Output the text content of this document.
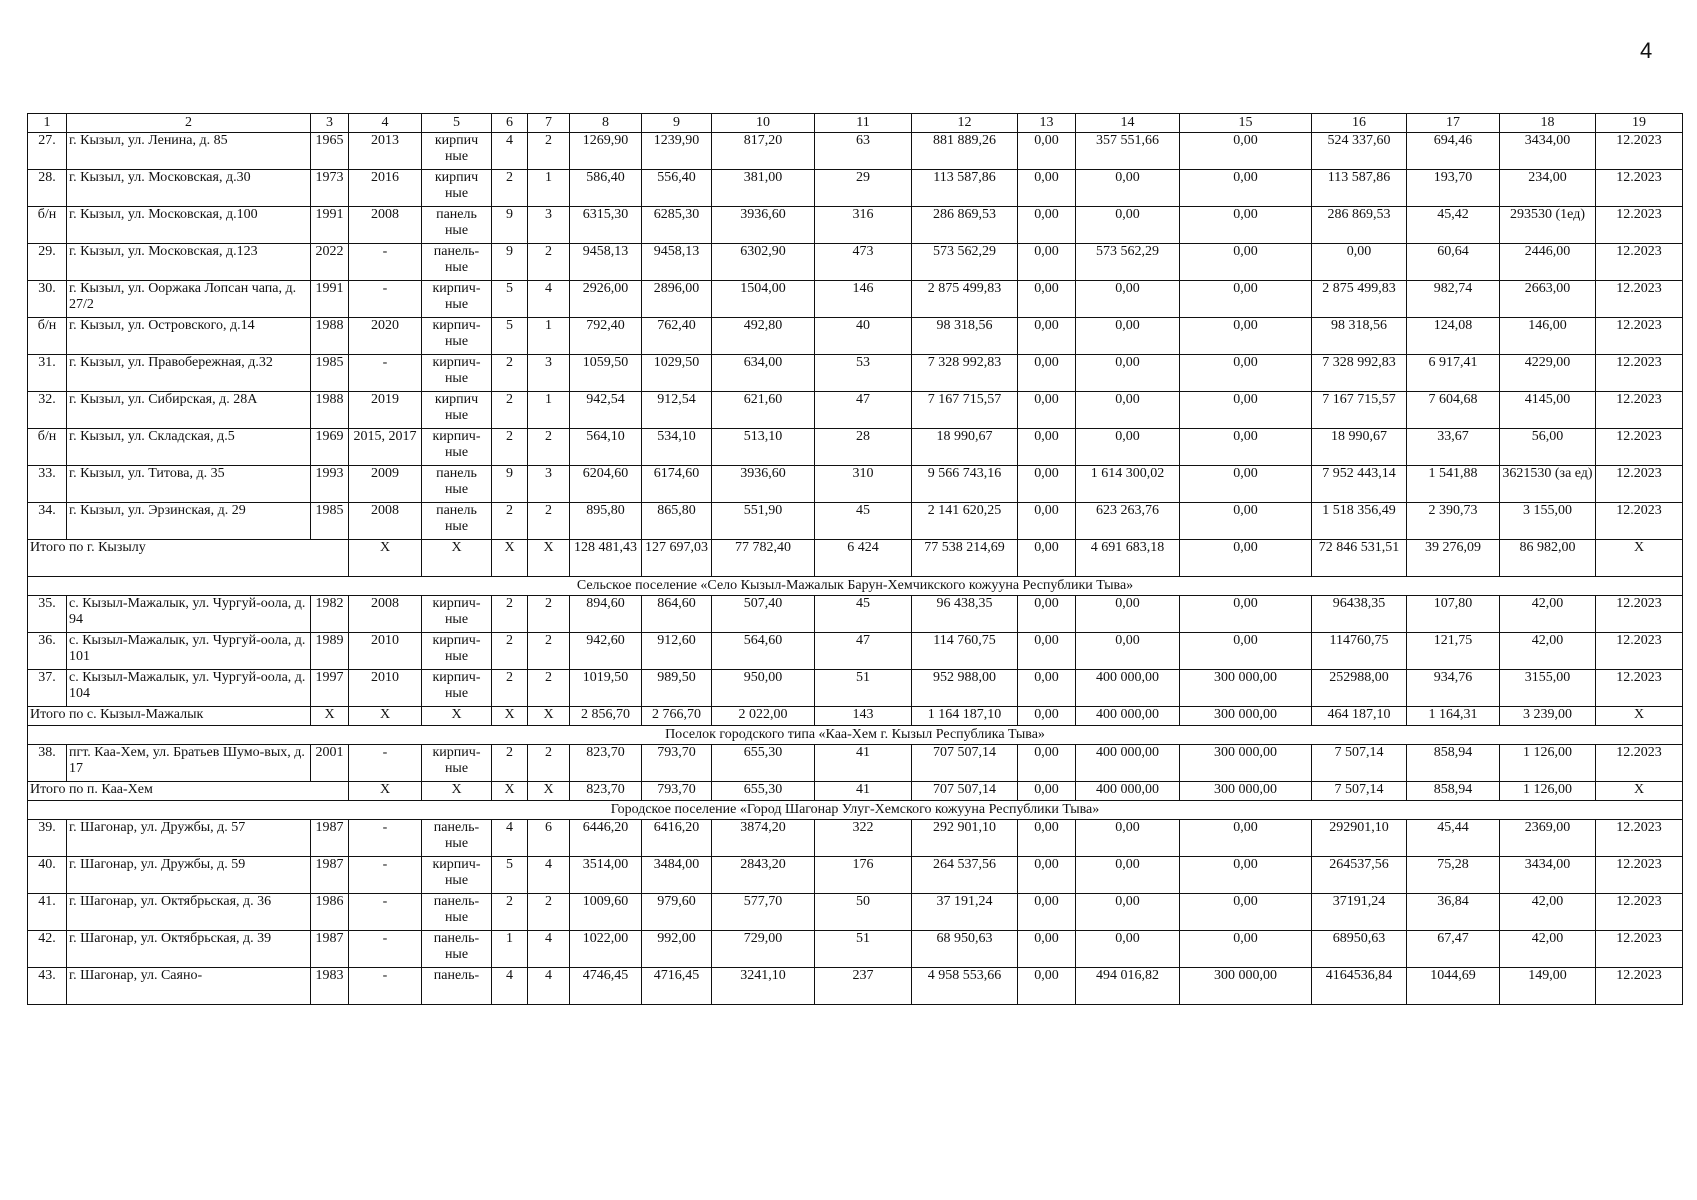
4
1	2	3	4	5	6	7	8	9	10	11	12	13	14	15	16	17	18	19
27.	г. Кызыл, ул. Ленина, д. 85	1965	2013	кирпич ные	4	2	1269,90	1239,90	817,20	63	881 889,26	0,00	357 551,66	0,00	524 337,60	694,46	3434,00	12.2023
28.	г. Кызыл, ул. Московская, д.30	1973	2016	кирпич ные	2	1	586,40	556,40	381,00	29	113 587,86	0,00	0,00	0,00	113 587,86	193,70	234,00	12.2023
б/н	г. Кызыл, ул. Московская, д.100	1991	2008	панель ные	9	3	6315,30	6285,30	3936,60	316	286 869,53	0,00	0,00	0,00	286 869,53	45,42	293530 (1ед)	12.2023
29.	г. Кызыл, ул. Московская, д.123	2022	-	панель-ные	9	2	9458,13	9458,13	6302,90	473	573 562,29	0,00	573 562,29	0,00	0,00	60,64	2446,00	12.2023
30.	г. Кызыл, ул. Ооржака Лопсан чапа, д. 27/2	1991	-	кирпич-ные	5	4	2926,00	2896,00	1504,00	146	2 875 499,83	0,00	0,00	0,00	2 875 499,83	982,74	2663,00	12.2023
б/н	г. Кызыл, ул. Островского, д.14	1988	2020	кирпич-ные	5	1	792,40	762,40	492,80	40	98 318,56	0,00	0,00	0,00	98 318,56	124,08	146,00	12.2023
31.	г. Кызыл, ул. Правобережная, д.32	1985	-	кирпич-ные	2	3	1059,50	1029,50	634,00	53	7 328 992,83	0,00	0,00	0,00	7 328 992,83	6 917,41	4229,00	12.2023
32.	г. Кызыл, ул. Сибирская, д. 28А	1988	2019	кирпич ные	2	1	942,54	912,54	621,60	47	7 167 715,57	0,00	0,00	0,00	7 167 715,57	7 604,68	4145,00	12.2023
б/н	г. Кызыл, ул. Складская, д.5	1969	2015, 2017	кирпич-ные	2	2	564,10	534,10	513,10	28	18 990,67	0,00	0,00	0,00	18 990,67	33,67	56,00	12.2023
33.	г. Кызыл, ул. Титова, д. 35	1993	2009	панель ные	9	3	6204,60	6174,60	3936,60	310	9 566 743,16	0,00	1 614 300,02	0,00	7 952 443,14	1 541,88	3621530 (за ед)	12.2023
34.	г. Кызыл, ул. Эрзинская, д. 29	1985	2008	панель ные	2	2	895,80	865,80	551,90	45	2 141 620,25	0,00	623 263,76	0,00	1 518 356,49	2 390,73	3 155,00	12.2023
Итого по г. Кызылу			X	X	X	X	128 481,43	127 697,03	77 782,40	6 424	77 538 214,69	0,00	4 691 683,18	0,00	72 846 531,51	39 276,09	86 982,00	X
Сельское поселение «Село Кызыл-Мажалык Барун-Хемчикского кожууна Республики Тыва»																		
35.	с. Кызыл-Мажалык, ул. Чургуй-оола, д. 94	1982	2008	кирпич-ные	2	2	894,60	864,60	507,40	45	96 438,35	0,00	0,00	0,00	96438,35	107,80	42,00	12.2023
36.	с. Кызыл-Мажалык, ул. Чургуй-оола, д. 101	1989	2010	кирпич-ные	2	2	942,60	912,60	564,60	47	114 760,75	0,00	0,00	0,00	114760,75	121,75	42,00	12.2023
37.	с. Кызыл-Мажалык, ул. Чургуй-оола, д. 104	1997	2010	кирпич-ные	2	2	1019,50	989,50	950,00	51	952 988,00	0,00	400 000,00	300 000,00	252988,00	934,76	3155,00	12.2023
Итого по с. Кызыл-Мажалык		X	X	X	X	X	2 856,70	2 766,70	2 022,00	143	1 164 187,10	0,00	400 000,00	300 000,00	464 187,10	1 164,31	3 239,00	X
Поселок городского типа «Каа-Хем г. Кызыл Республика Тыва»																		
38.	пгт. Каа-Хем, ул. Братьев Шумо-вых, д. 17	2001	-	кирпич-ные	2	2	823,70	793,70	655,30	41	707 507,14	0,00	400 000,00	300 000,00	7 507,14	858,94	1 126,00	12.2023
Итого по п. Каа-Хем			X	X	X	X	823,70	793,70	655,30	41	707 507,14	0,00	400 000,00	300 000,00	7 507,14	858,94	1 126,00	X
Городское поселение «Город Шагонар Улуг-Хемского кожууна Республики Тыва»																		
39.	г. Шагонар, ул. Дружбы, д. 57	1987	-	панель-ные	4	6	6446,20	6416,20	3874,20	322	292 901,10	0,00	0,00	0,00	292901,10	45,44	2369,00	12.2023
40.	г. Шагонар, ул. Дружбы, д. 59	1987	-	кирпич-ные	5	4	3514,00	3484,00	2843,20	176	264 537,56	0,00	0,00	0,00	264537,56	75,28	3434,00	12.2023
41.	г. Шагонар, ул. Октябрьская, д. 36	1986	-	панель-ные	2	2	1009,60	979,60	577,70	50	37 191,24	0,00	0,00	0,00	37191,24	36,84	42,00	12.2023
42.	г. Шагонар, ул. Октябрьская, д. 39	1987	-	панель-ные	1	4	1022,00	992,00	729,00	51	68 950,63	0,00	0,00	0,00	68950,63	67,47	42,00	12.2023
43.	г. Шагонар, ул. Саяно-	1983	-	панель-	4	4	4746,45	4716,45	3241,10	237	4 958 553,66	0,00	494 016,82	300 000,00	4164536,84	1044,69	149,00	12.2023
